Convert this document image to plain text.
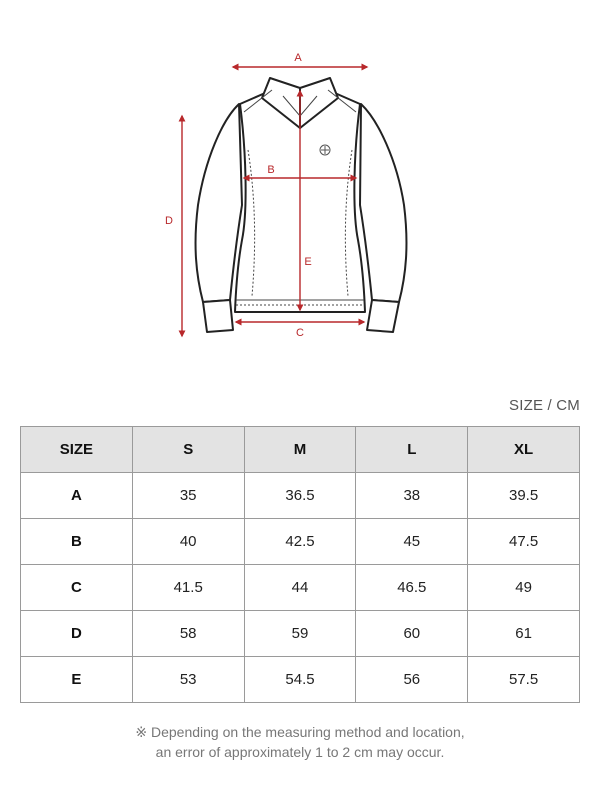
A
B
C
D
E
SIZE / CM
SIZE	S	M	L	XL
A	35	36.5	38	39.5
B	40	42.5	45	47.5
C	41.5	44	46.5	49
D	58	59	60	61
E	53	54.5	56	57.5
※ Depending on the measuring method and location,
an error of approximately 1 to 2 cm may occur.
